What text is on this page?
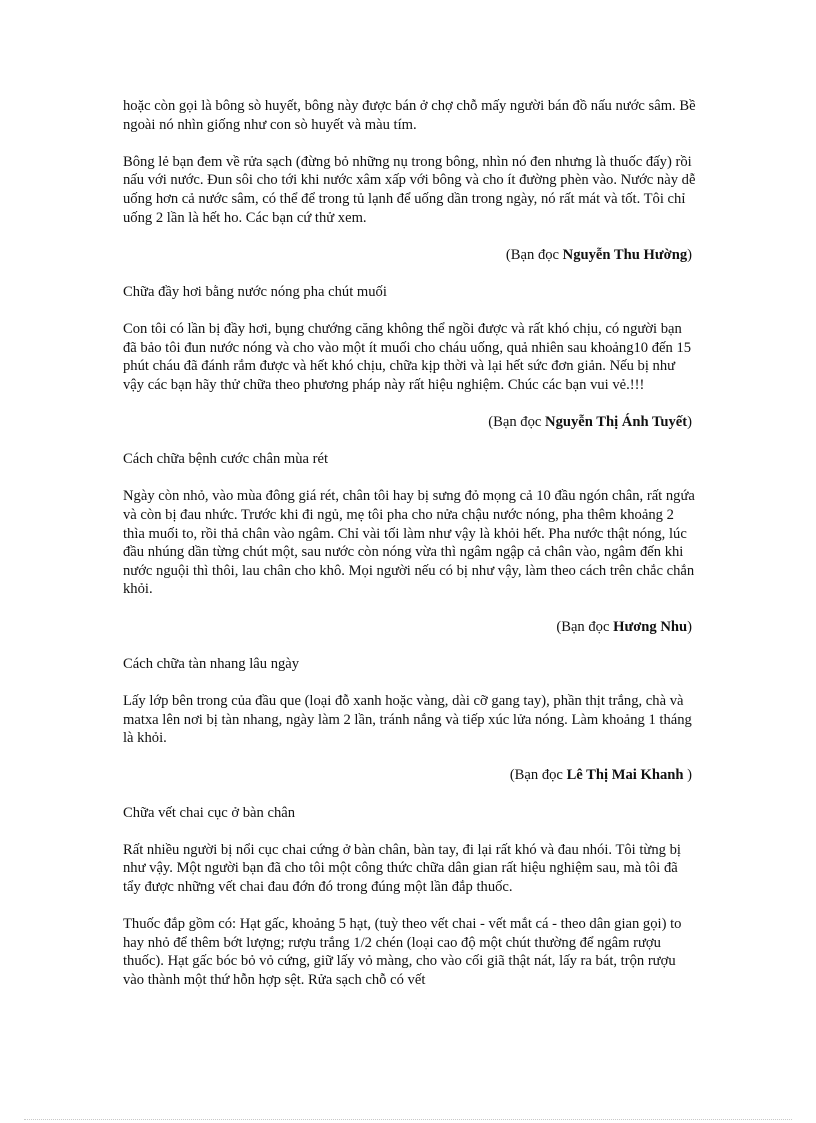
hoặc còn gọi là bông sò huyết, bông này được bán ở chợ chỗ mấy người bán đồ nấu nước sâm. Bề ngoài nó nhìn giống như con sò huyết và màu tím.

Bông lẻ bạn đem về rửa sạch (đừng bỏ những nụ trong bông, nhìn nó đen nhưng là thuốc đấy) rồi nấu với nước. Đun sôi cho tới khi nước xâm xấp với bông và cho ít đường phèn vào. Nước này dễ uống hơn cả nước sâm, có thể để trong tủ lạnh để uống dần trong ngày, nó rất mát và tốt. Tôi chỉ uống 2 lần là hết ho. Các bạn cứ thử xem.

(Bạn đọc Nguyễn Thu Hường)

Chữa đầy hơi bằng nước nóng pha chút muối

Con tôi có lần bị đầy hơi, bụng chướng căng không thể ngồi được và rất khó chịu, có người bạn đã bảo tôi đun nước nóng và cho vào một ít muối cho cháu uống, quả nhiên sau khoảng10 đến 15 phút cháu đã đánh rắm được và hết khó chịu, chữa kịp thời và lại hết sức đơn giản. Nếu bị như vậy các bạn hãy thử chữa theo phương pháp này rất hiệu nghiệm. Chúc các bạn vui vẻ.!!!

(Bạn đọc Nguyễn Thị Ánh Tuyết)

Cách chữa bệnh cước chân mùa rét

Ngày còn nhỏ, vào mùa đông giá rét, chân tôi hay bị sưng đỏ mọng cả 10 đầu ngón chân, rất ngứa và còn bị đau nhức. Trước khi đi ngủ, mẹ tôi pha cho nửa chậu nước nóng, pha thêm khoảng 2 thìa muối to, rồi thả chân vào ngâm. Chỉ vài tối làm như vậy là khỏi hết. Pha nước thật nóng, lúc đầu nhúng dần từng chút một, sau nước còn nóng vừa thì ngâm ngập cả chân vào, ngâm đến khi nước nguội thì thôi, lau chân cho khô. Mọi người nếu có bị như vậy, làm theo cách trên chắc chắn khỏi.

(Bạn đọc Hương Nhu)

Cách chữa tàn nhang lâu ngày

Lấy lớp bên trong của đầu que (loại đỗ xanh hoặc vàng, dài cỡ gang tay), phần thịt trắng, chà và matxa lên nơi bị tàn nhang, ngày làm 2 lần, tránh nắng và tiếp xúc lửa nóng. Làm khoảng 1 tháng là khỏi.

(Bạn đọc Lê Thị Mai Khanh )

Chữa vết chai cục ở bàn chân

Rất nhiều người bị nổi cục chai cứng ở bàn chân, bàn tay, đi lại rất khó và đau nhói. Tôi từng bị như vậy. Một người bạn đã cho tôi một công thức chữa dân gian rất hiệu nghiệm sau, mà tôi đã tẩy được những vết chai đau đớn đó trong đúng một lần đắp thuốc.

Thuốc đắp gồm có: Hạt gấc, khoảng 5 hạt, (tuỳ theo vết chai - vết mắt cá - theo dân gian gọi) to hay nhỏ để thêm bớt lượng; rượu trắng 1/2 chén (loại cao độ một chút thường để ngâm rượu thuốc). Hạt gấc bóc bỏ vỏ cứng, giữ lấy vỏ màng, cho vào cối giã thật nát, lấy ra bát, trộn rượu vào thành một thứ hỗn hợp sệt. Rửa sạch chỗ có vết
